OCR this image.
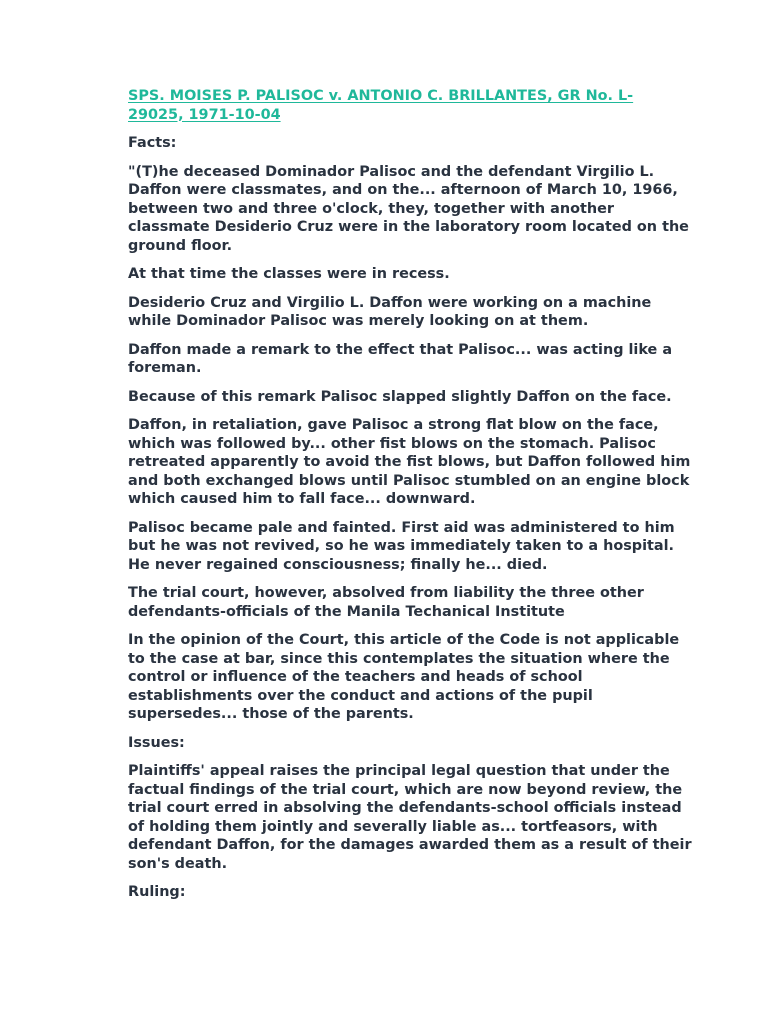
SPS. MOISES P. PALISOC v. ANTONIO C. BRILLANTES, GR No. L-
29025, 1971-10-04

Facts:

"(T)he deceased Dominador Palisoc and the defendant Virgilio L.
Daffon were classmates, and on the... afternoon of March 10, 1966,
between two and three o'clock, they, together with another
classmate Desiderio Cruz were in the laboratory room located on the
ground floor.

At that time the classes were in recess.

Desiderio Cruz and Virgilio L. Daffon were working on a machine
while Dominador Palisoc was merely looking on at them.

Daffon made a remark to the effect that Palisoc... was acting like a
foreman.

Because of this remark Palisoc slapped slightly Daffon on the face.

Daffon, in retaliation, gave Palisoc a strong flat blow on the face,
which was followed by... other fist blows on the stomach. Palisoc
retreated apparently to avoid the fist blows, but Daffon followed him
and both exchanged blows until Palisoc stumbled on an engine block
which caused him to fall face... downward.

Palisoc became pale and fainted. First aid was administered to him
but he was not revived, so he was immediately taken to a hospital.
He never regained consciousness; finally he... died.

The trial court, however, absolved from liability the three other
defendants-officials of the Manila Techanical Institute

In the opinion of the Court, this article of the Code is not applicable
to the case at bar, since this contemplates the situation where the
control or influence of the teachers and heads of school
establishments over the conduct and actions of the pupil
supersedes... those of the parents.

Issues:

Plaintiffs' appeal raises the principal legal question that under the
factual findings of the trial court, which are now beyond review, the
trial court erred in absolving the defendants-school officials instead
of holding them jointly and severally liable as... tortfeasors, with
defendant Daffon, for the damages awarded them as a result of their
son's death.

Ruling:
